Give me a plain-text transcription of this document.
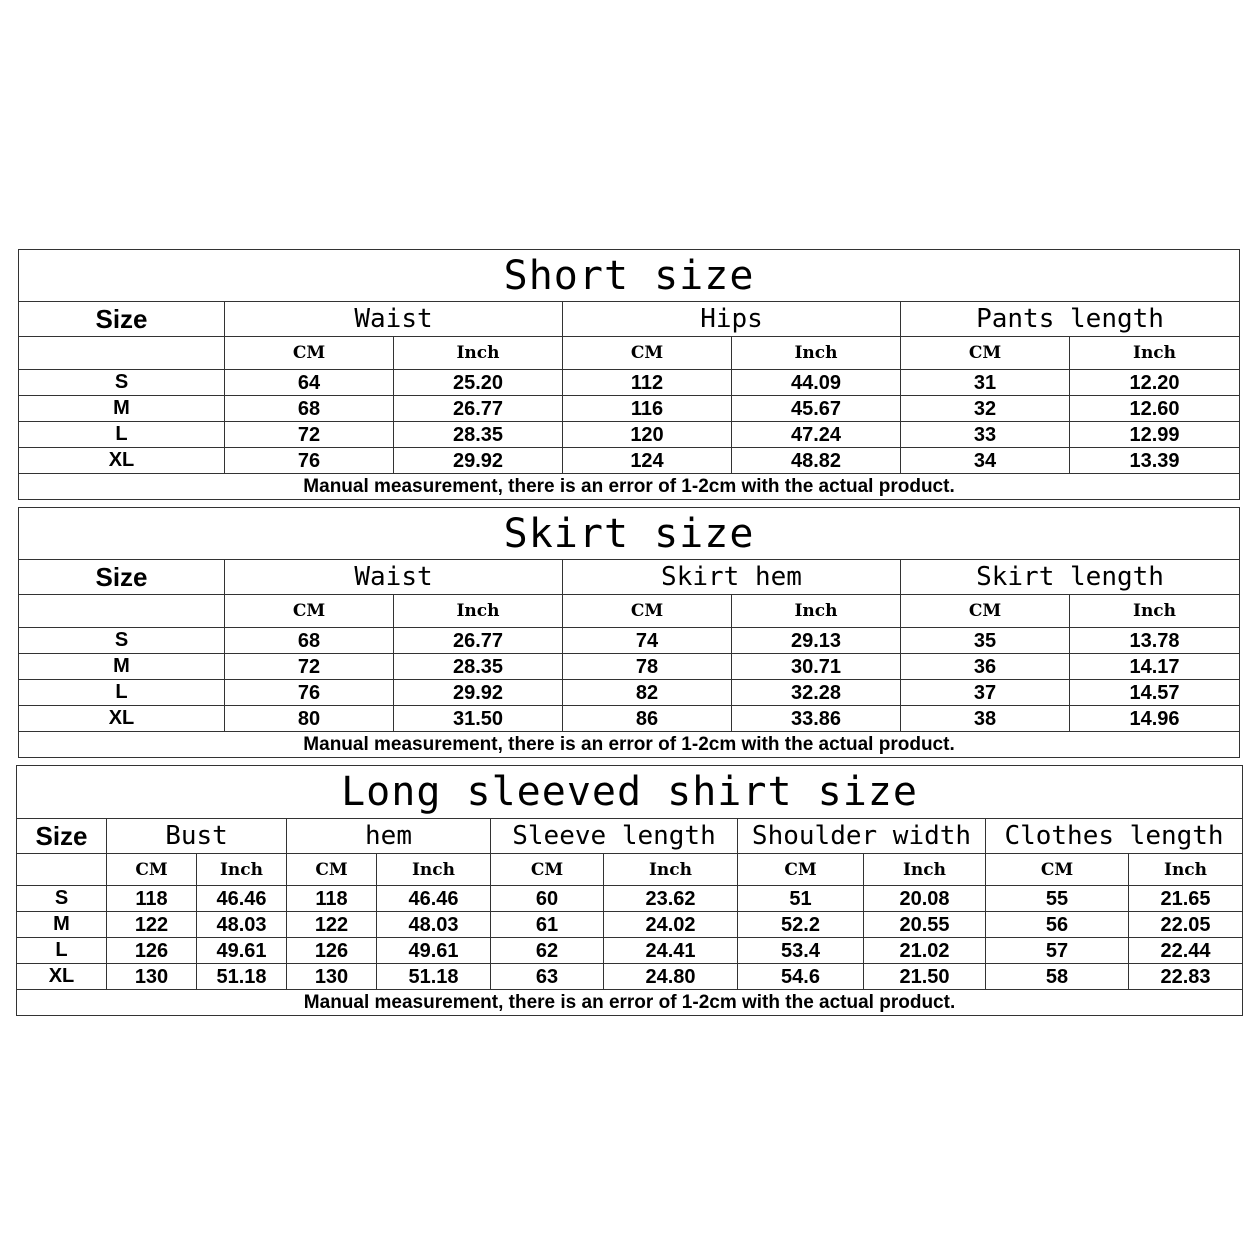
Short size						
Size	Waist		Hips		Pants length	
	CM	Inch	CM	Inch	CM	Inch
S	64	25.20	112	44.09	31	12.20
M	68	26.77	116	45.67	32	12.60
L	72	28.35	120	47.24	33	12.99
XL	76	29.92	124	48.82	34	13.39
Manual measurement, there is an error of 1-2cm with the actual product.						
Skirt size						
Size	Waist		Skirt hem		Skirt length	
	CM	Inch	CM	Inch	CM	Inch
S	68	26.77	74	29.13	35	13.78
M	72	28.35	78	30.71	36	14.17
L	76	29.92	82	32.28	37	14.57
XL	80	31.50	86	33.86	38	14.96
Manual measurement, there is an error of 1-2cm with the actual product.						
Long sleeved shirt size										
Size	Bust		hem		Sleeve length		Shoulder width		Clothes length	
	CM	Inch	CM	Inch	CM	Inch	CM	Inch	CM	Inch
S	118	46.46	118	46.46	60	23.62	51	20.08	55	21.65
M	122	48.03	122	48.03	61	24.02	52.2	20.55	56	22.05
L	126	49.61	126	49.61	62	24.41	53.4	21.02	57	22.44
XL	130	51.18	130	51.18	63	24.80	54.6	21.50	58	22.83
Manual measurement, there is an error of 1-2cm with the actual product.										
